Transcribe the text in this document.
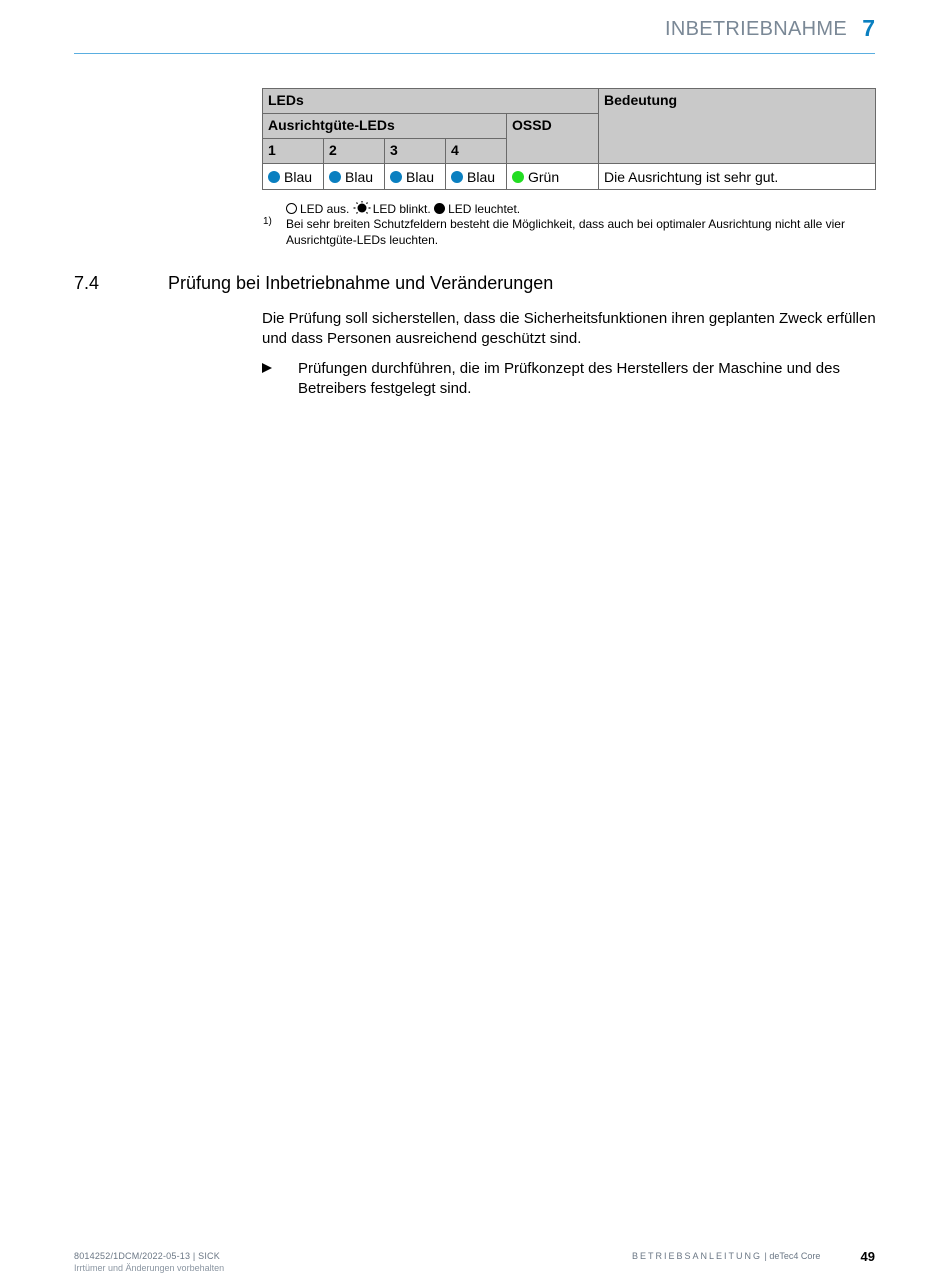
INBETRIEBNAHME 7
LEDs					Bedeutung
Ausrichtgüte-LEDs				OSSD	
1	2	3	4		
Blau	Blau	Blau	Blau	Grün	Die Ausrichtung ist sehr gut.
LED aus. LED blinkt. LED leuchtet.
1) Bei sehr breiten Schutzfeldern besteht die Möglichkeit, dass auch bei optimaler Ausrichtung nicht alle vier Ausrichtgüte-LEDs leuchten.
7.4	Prüfung bei Inbetriebnahme und Veränderungen
Die Prüfung soll sicherstellen, dass die Sicherheitsfunktionen ihren geplanten Zweck erfüllen und dass Personen ausreichend geschützt sind.
Prüfungen durchführen, die im Prüfkonzept des Herstellers der Maschine und des Betreibers festgelegt sind.
8014252/1DCM/2022-05-13 | SICK
Irrtümer und Änderungen vorbehalten
BETRIEBSANLEITUNG | deTec4 Core	49
